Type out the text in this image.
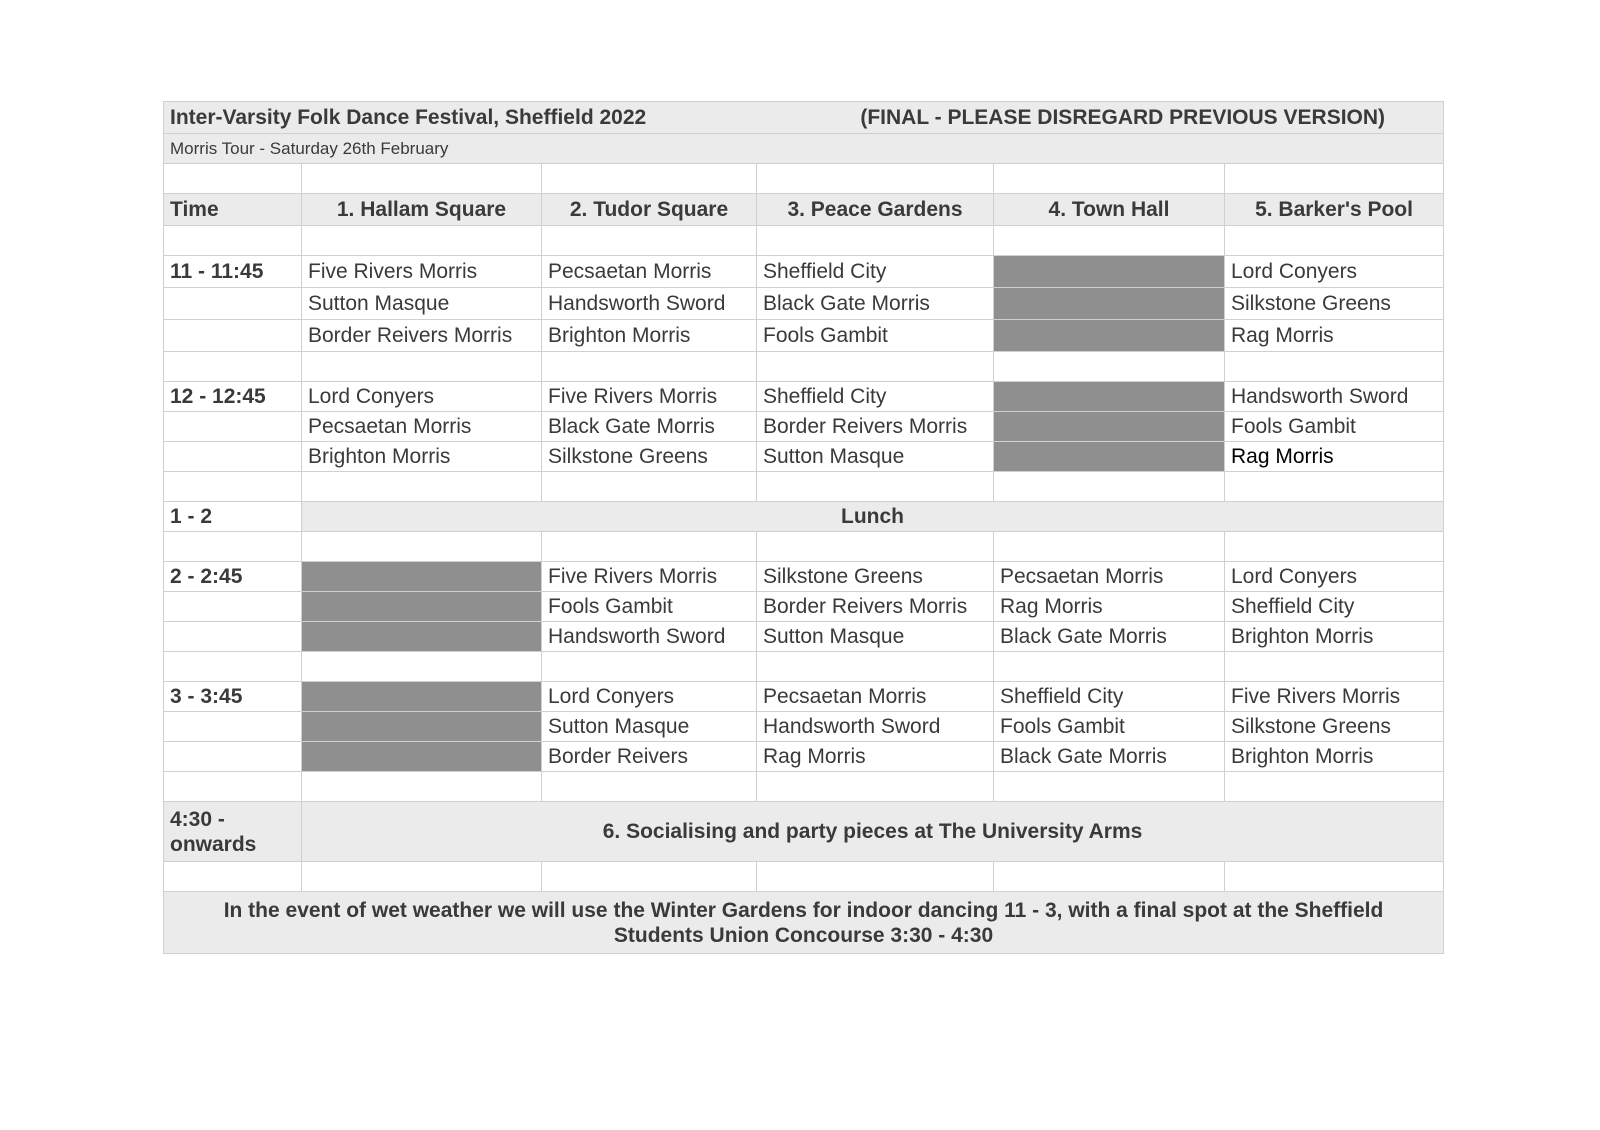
Inter-Varsity Folk Dance Festival, Sheffield 2022 (FINAL - PLEASE DISREGARD PREVIOUS VERSION)					

Morris Tour - Saturday 26th February					

Time	1. Hallam Square	2. Tudor Square	3. Peace Gardens	4. Town Hall	5. Barker's Pool

11 - 11:45	Five Rivers Morris	Pecsaetan Morris	Sheffield City		Lord Conyers
	Sutton Masque	Handsworth Sword	Black Gate Morris		Silkstone Greens
	Border Reivers Morris	Brighton Morris	Fools Gambit		Rag Morris

12 - 12:45	Lord Conyers	Five Rivers Morris	Sheffield City		Handsworth Sword
	Pecsaetan Morris	Black Gate Morris	Border Reivers Morris		Fools Gambit
	Brighton Morris	Silkstone Greens	Sutton Masque		Rag Morris

1 - 2	Lunch				

2 - 2:45		Five Rivers Morris	Silkstone Greens	Pecsaetan Morris	Lord Conyers
		Fools Gambit	Border Reivers Morris	Rag Morris	Sheffield City
		Handsworth Sword	Sutton Masque	Black Gate Morris	Brighton Morris

3 - 3:45		Lord Conyers	Pecsaetan Morris	Sheffield City	Five Rivers Morris
		Sutton Masque	Handsworth Sword	Fools Gambit	Silkstone Greens
		Border Reivers	Rag Morris	Black Gate Morris	Brighton Morris

4:30 -
onwards	6. Socialising and party pieces at The University Arms				

In the event of wet weather we will use the Winter Gardens for indoor dancing 11 - 3, with a final spot at the Sheffield Students Union Concourse 3:30 - 4:30					
